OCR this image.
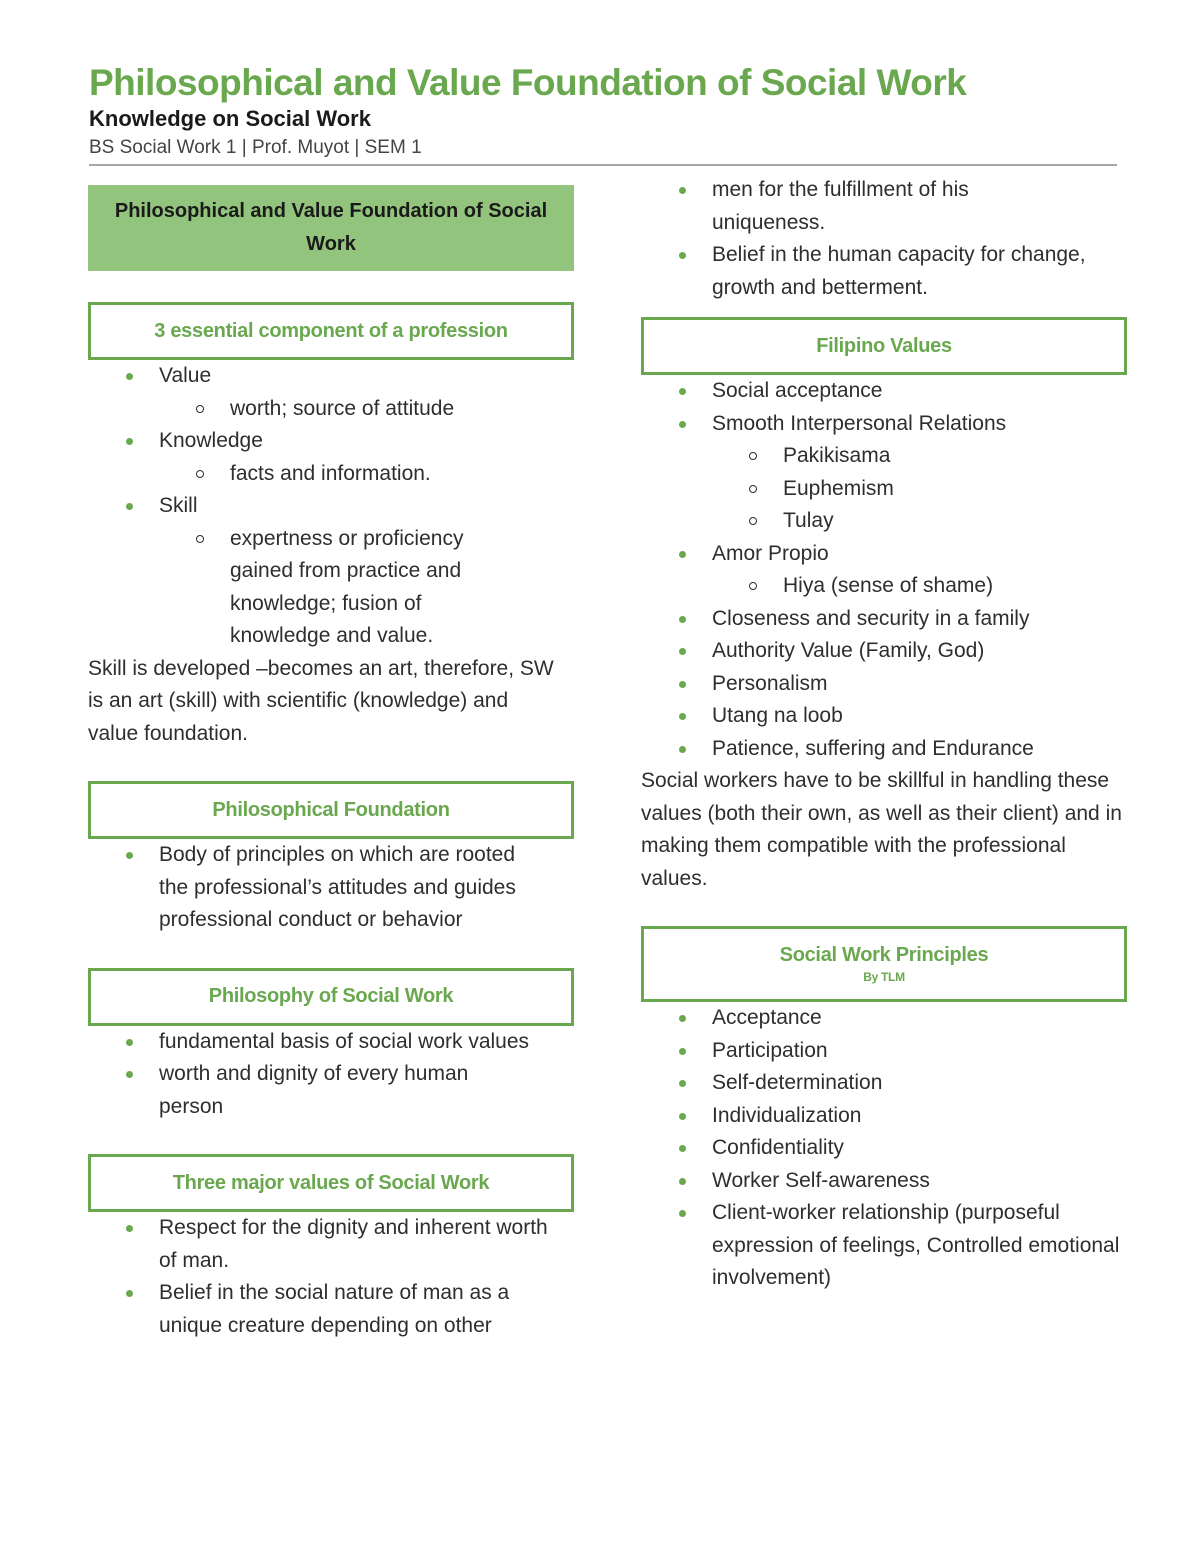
Philosophical and Value Foundation of Social Work
Knowledge on Social Work
BS Social Work 1 | Prof. Muyot | SEM 1
Philosophical and Value Foundation of Social Work
3 essential component of a profession
Value
worth; source of attitude
Knowledge
facts and information.
Skill
expertness or proficiency gained from practice and knowledge; fusion of knowledge and value.

Skill is developed –becomes an art, therefore, SW is an art (skill) with scientific (knowledge) and value foundation.

Philosophical Foundation
Body of principles on which are rooted the professional’s attitudes and guides professional conduct or behavior
Philosophy of Social Work
fundamental basis of social work values
worth and dignity of every human person
Three major values of Social Work
Respect for the dignity and inherent worth of man.
Belief in the social nature of man as a unique creature depending on other
men for the fulfillment of his uniqueness.
Belief in the human capacity for change, growth and betterment.
Filipino Values
Social acceptance
Smooth Interpersonal Relations
Pakikisama
Euphemism
Tulay
Amor Propio
Hiya (sense of shame)
Closeness and security in a family
Authority Value (Family, God)
Personalism
Utang na loob
Patience, suffering and Endurance

Social workers have to be skillful in handling these values (both their own, as well as their client) and in making them compatible with the professional values.

Social Work Principles
By TLM
Acceptance
Participation
Self-determination
Individualization
Confidentiality
Worker Self-awareness
Client-worker relationship (purposeful expression of feelings, Controlled emotional involvement)
